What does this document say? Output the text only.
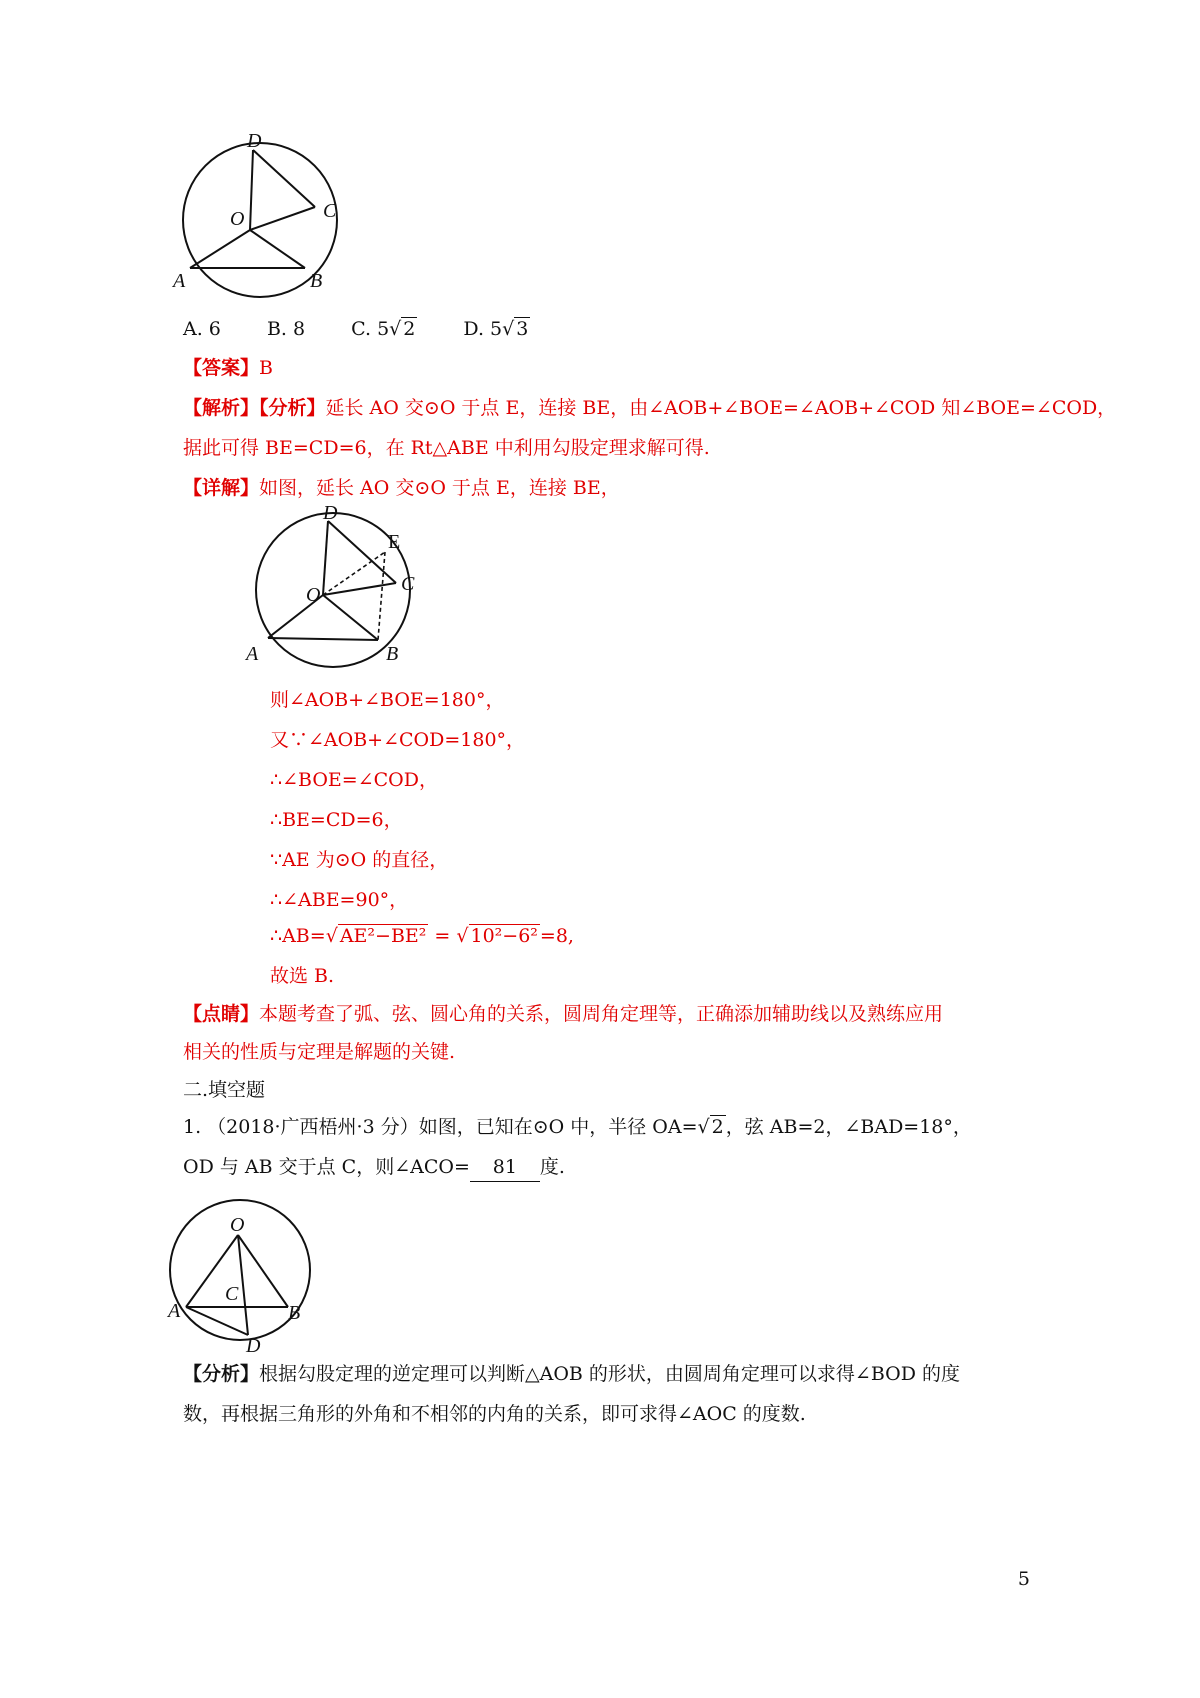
D
C
O
A	B
A. 6 B. 8 C. 5√ 2	D. 5√ 3
【答案】B
【解析】【分析】延长 AO 交⊙O 于点 E，连接 BE，由∠AOB+∠BOE=∠AOB+∠COD 知∠BOE=∠COD，
据此可得 BE=CD=6，在 Rt△ABE 中利用勾股定理求解可得.
【详解】如图，延长 AO 交⊙O 于点 E，连接 BE，
D
E
C
O
A	B
则∠AOB+∠BOE=180°，
又∵∠AOB+∠COD=180°，
∴∠BOE=∠COD，
∴BE=CD=6，
∵AE 为⊙O 的直径，
∴∠ABE=90°，
∴AB=√ AE²−BE² = √ 10²−6² =8,
故选 B.
【点睛】本题考查了弧、弦、圆心角的关系，圆周角定理等，正确添加辅助线以及熟练应用
相关的性质与定理是解题的关键.
二.填空题
1. （2018·广西梧州·3 分）如图，已知在⊙O 中，半径 OA=√ 2 ，弦 AB=2，∠BAD=18°，
OD 与 AB 交于点 C，则∠ACO= 81 度.
O
C
A	B
D
【分析】根据勾股定理的逆定理可以判断△AOB 的形状，由圆周角定理可以求得∠BOD 的度
数，再根据三角形的外角和不相邻的内角的关系，即可求得∠AOC 的度数.
5
